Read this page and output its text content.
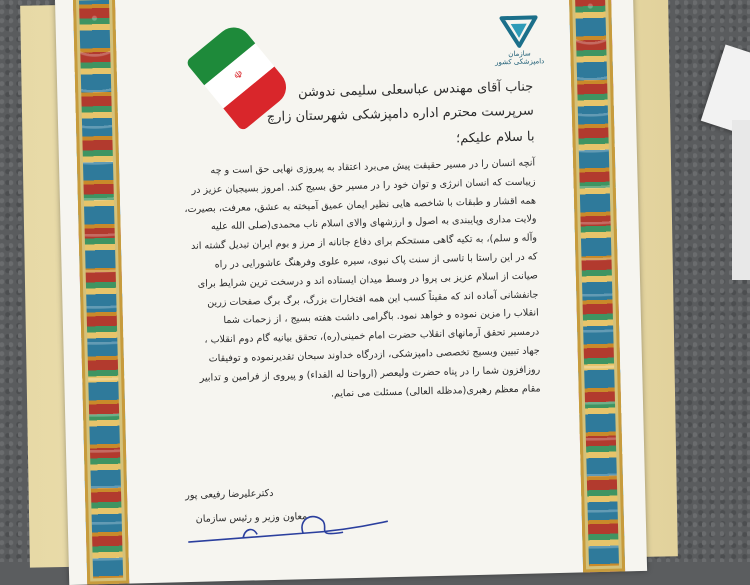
☫
سازمان دامپزشکی کشور

جناب آقای مهندس عباسعلی سلیمی ندوشن

سرپرست محترم اداره دامپزشکی شهرستان زارچ

با سلام علیکم؛

آنچه انسان را در مسیر حقیقت پیش می‌برد اعتقاد به پیروزی نهایی حق است و چه

زیباست که انسان انرژی و توان خود را در مسیر حق بسیج کند. امروز بسیجیان عزیز در

همه اقشار و طبقات با شاخصه هایی نظیر ایمان عمیق آمیخته به عشق، معرفت، بصیرت،

ولایت مداری وپایبندی به اصول و ارزشهای والای اسلام ناب محمدی(صلی الله علیه

وآله و سلم)، به تکیه گاهی مستحکم برای دفاع جانانه از مرز و بوم ایران تبدیل گشته اند

که در این راستا با تاسی از سنت پاک نبوی، سیره علوی وفرهنگ عاشورایی در راه

صیانت از اسلام عزیز بی پروا در وسط میدان ایستاده اند و درسخت ترین شرایط برای

جانفشانی آماده اند که مقیناً کسب این همه افتخارات بزرگ، برگ برگ صفحات زرین

انقلاب را مزین نموده و خواهد نمود. باگرامی داشت هفته بسیج ، از زحمات شما

درمسیر تحقق آرمانهای انقلاب حضرت امام خمینی(ره)، تحقق بیانیه گام دوم انقلاب ،

جهاد تبیین وبسیج تخصصی دامپزشکی، ازدرگاه خداوند سبحان تقدیرنموده و توفیقات

روزافزون شما را در پناه حضرت ولیعصر (ارواحنا له الفداء) و پیروی از فرامین و تدابیر

مقام معظم رهبری(مدظله العالی) مسئلت می نمایم.

دکترعلیرضا رفیعی پور
معاون وزیر و رئیس سازمان
